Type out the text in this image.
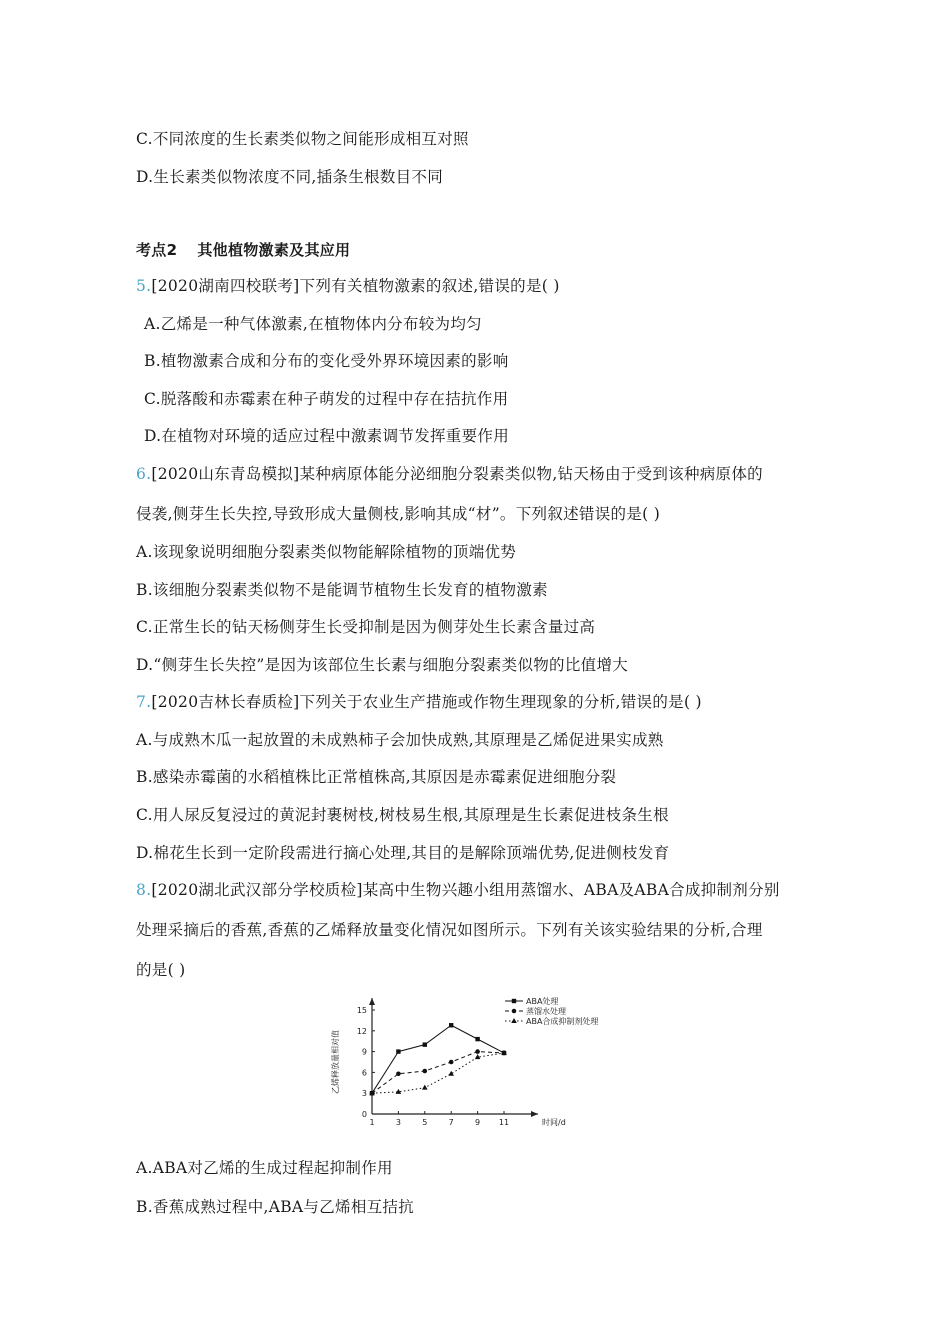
C.不同浓度的生长素类似物之间能形成相互对照
D.生长素类似物浓度不同,插条生根数目不同
考点2 其他植物激素及其应用
5.[2020湖南四校联考]下列有关植物激素的叙述,错误的是( )
A.乙烯是一种气体激素,在植物体内分布较为均匀
B.植物激素合成和分布的变化受外界环境因素的影响
C.脱落酸和赤霉素在种子萌发的过程中存在拮抗作用
D.在植物对环境的适应过程中激素调节发挥重要作用
6.[2020山东青岛模拟]某种病原体能分泌细胞分裂素类似物,钻天杨由于受到该种病原体的
侵袭,侧芽生长失控,导致形成大量侧枝,影响其成“材”。下列叙述错误的是( )
A.该现象说明细胞分裂素类似物能解除植物的顶端优势
B.该细胞分裂素类似物不是能调节植物生长发育的植物激素
C.正常生长的钻天杨侧芽生长受抑制是因为侧芽处生长素含量过高
D.“侧芽生长失控”是因为该部位生长素与细胞分裂素类似物的比值增大
7.[2020吉林长春质检]下列关于农业生产措施或作物生理现象的分析,错误的是( )
A.与成熟木瓜一起放置的未成熟柿子会加快成熟,其原理是乙烯促进果实成熟
B.感染赤霉菌的水稻植株比正常植株高,其原因是赤霉素促进细胞分裂
C.用人尿反复浸过的黄泥封裹树枝,树枝易生根,其原理是生长素促进枝条生根
D.棉花生长到一定阶段需进行摘心处理,其目的是解除顶端优势,促进侧枝发育
8.[2020湖北武汉部分学校质检]某高中生物兴趣小组用蒸馏水、ABA及ABA合成抑制剂分别
处理采摘后的香蕉,香蕉的乙烯释放量变化情况如图所示。下列有关该实验结果的分析,合理
的是( )
1	3	5	7	9 11
0
3
6
9
12
15
ABA处理
蒸馏水处理
ABA合成抑制剂处理
乙烯释放量相对值
时间/d
A.ABA对乙烯的生成过程起抑制作用
B.香蕉成熟过程中,ABA与乙烯相互拮抗
